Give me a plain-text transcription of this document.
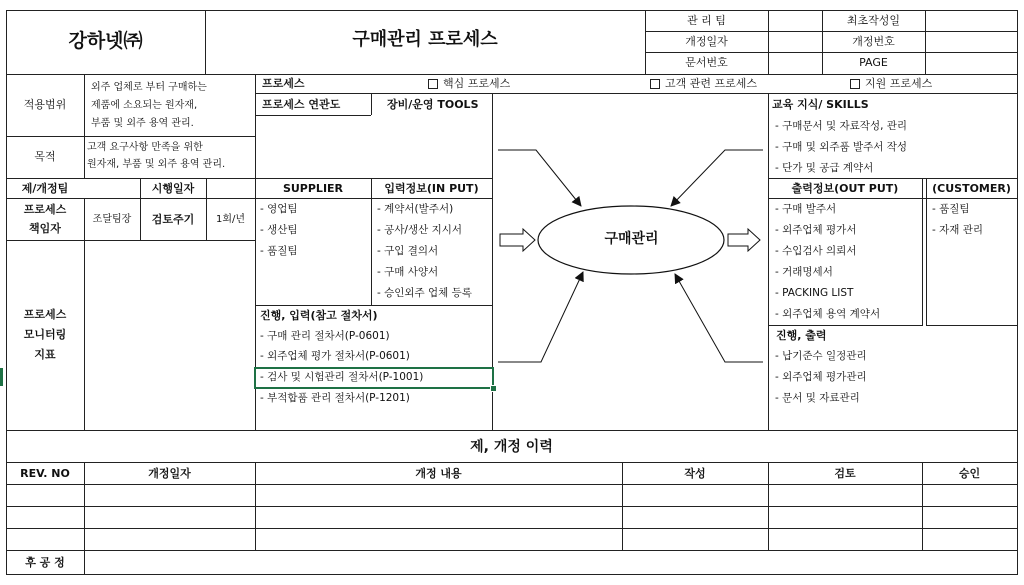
강하넷㈜	구매관리 프로세스
관 리 팀	최초작성일
개정일자	개정번호
문서번호	PAGE
적용범위
외주 업체로 부터 구매하는
제품에 소요되는 원자재,
부품 및 외주 용역 관리.
목적
고객 요구사항 만족을 위한
원자재, 부품 및 외주 용역 관리.
제/개정팀	시행일자
프로세스
책임자
조달팀장	검토주기	1회/년
프로세스
모니터링
지표
프로세스	핵심 프로세스	고객 관련 프로세스	지원 프로세스
프로세스 연관도	장비/운영 TOOLS
SUPPLIER	입력정보(IN PUT)
- 영업팀
- 생산팀
- 품질팀
- 계약서(발주서)
- 공사/생산 지시서
- 구입 결의서
- 구매 사양서
- 승인외주 업체 등록
진행, 입력(참고 절차서)
- 구매 관리 절차서(P-0601)
- 외주업체 평가 절차서(P-0601)
- 검사 및 시험관리 절차서(P-1001)
- 부적합품 관리 절차서(P-1201)
구매관리
교육 지식/ SKILLS
- 구매문서 및 자료작성, 관리
- 구매 및 외주품 발주서 작성
- 단가 및 공급 계약서
출력정보(OUT PUT)	(CUSTOMER)
- 구매 발주서
- 외주업체 평가서
- 수입검사 의뢰서
- 거래명세서
- PACKING LIST
- 외주업체 용역 계약서
- 품질팀
- 자재 관리
진행, 출력
- 납기준수 일정관리
- 외주업체 평가관리
- 문서 및 자료관리
제, 개정 이력
REV. NO	개정일자	개정 내용	작성	검토	승인
후 공 정
